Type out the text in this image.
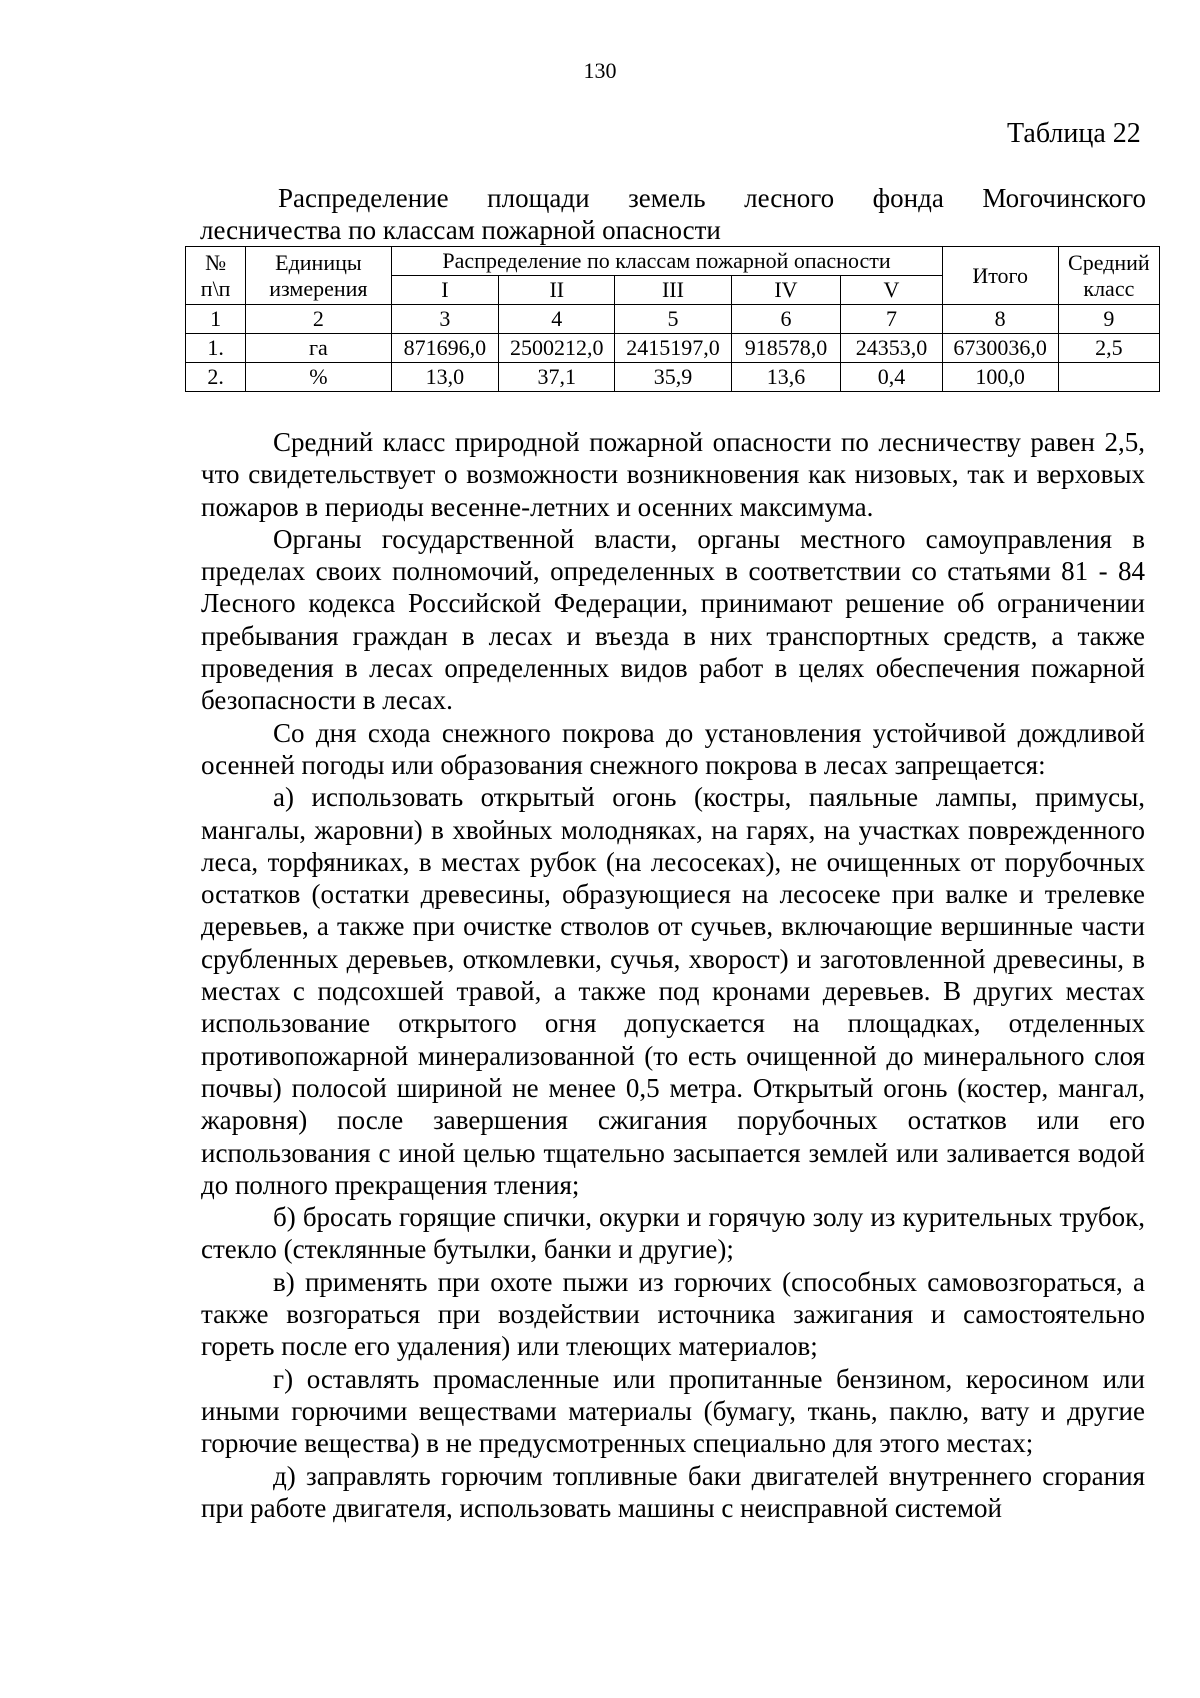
130
Таблица 22
Распределение площади земель лесного фонда Могочинского
лесничества по классам пожарной опасности
№ п\п	Единицы измерения	Распределение по классам пожарной опасности					Итого	Средний класс
		I	II	III	IV	V		
1	2	3	4	5	6	7	8	9
1.	га	871696,0	2500212,0	2415197,0	918578,0	24353,0	6730036,0	2,5
2.	%	13,0	37,1	35,9	13,6	0,4	100,0	

Средний класс природной пожарной опасности по лесничеству равен 2,5, что свидетельствует о возможности возникновения как низовых, так и верховых пожаров в периоды весенне-летних и осенних максимума.

Органы государственной власти, органы местного самоуправления в пределах своих полномочий, определенных в соответствии со статьями 81 - 84 Лесного кодекса Российской Федерации, принимают решение об ограничении пребывания граждан в лесах и въезда в них транспортных средств, а также проведения в лесах определенных видов работ в целях обеспечения пожарной безопасности в лесах.

Со дня схода снежного покрова до установления устойчивой дождливой осенней погоды или образования снежного покрова в лесах запрещается:

а) использовать открытый огонь (костры, паяльные лампы, примусы, мангалы, жаровни) в хвойных молодняках, на гарях, на участках поврежденного леса, торфяниках, в местах рубок (на лесосеках), не очищенных от порубочных остатков (остатки древесины, образующиеся на лесосеке при валке и трелевке деревьев, а также при очистке стволов от сучьев, включающие вершинные части срубленных деревьев, откомлевки, сучья, хворост) и заготовленной древесины, в местах с подсохшей травой, а также под кронами деревьев. В других местах использование открытого огня допускается на площадках, отделенных противопожарной минерализованной (то есть очищенной до минерального слоя почвы) полосой шириной не менее 0,5 метра. Открытый огонь (костер, мангал, жаровня) после завершения сжигания порубочных остатков или его использования с иной целью тщательно засыпается землей или заливается водой до полного прекращения тления;

б) бросать горящие спички, окурки и горячую золу из курительных трубок, стекло (стеклянные бутылки, банки и другие);

в) применять при охоте пыжи из горючих (способных самовозгораться, а также возгораться при воздействии источника зажигания и самостоятельно гореть после его удаления) или тлеющих материалов;

г) оставлять промасленные или пропитанные бензином, керосином или иными горючими веществами материалы (бумагу, ткань, паклю, вату и другие горючие вещества) в не предусмотренных специально для этого местах;

д) заправлять горючим топливные баки двигателей внутреннего сгорания при работе двигателя, использовать машины с неисправной системой
